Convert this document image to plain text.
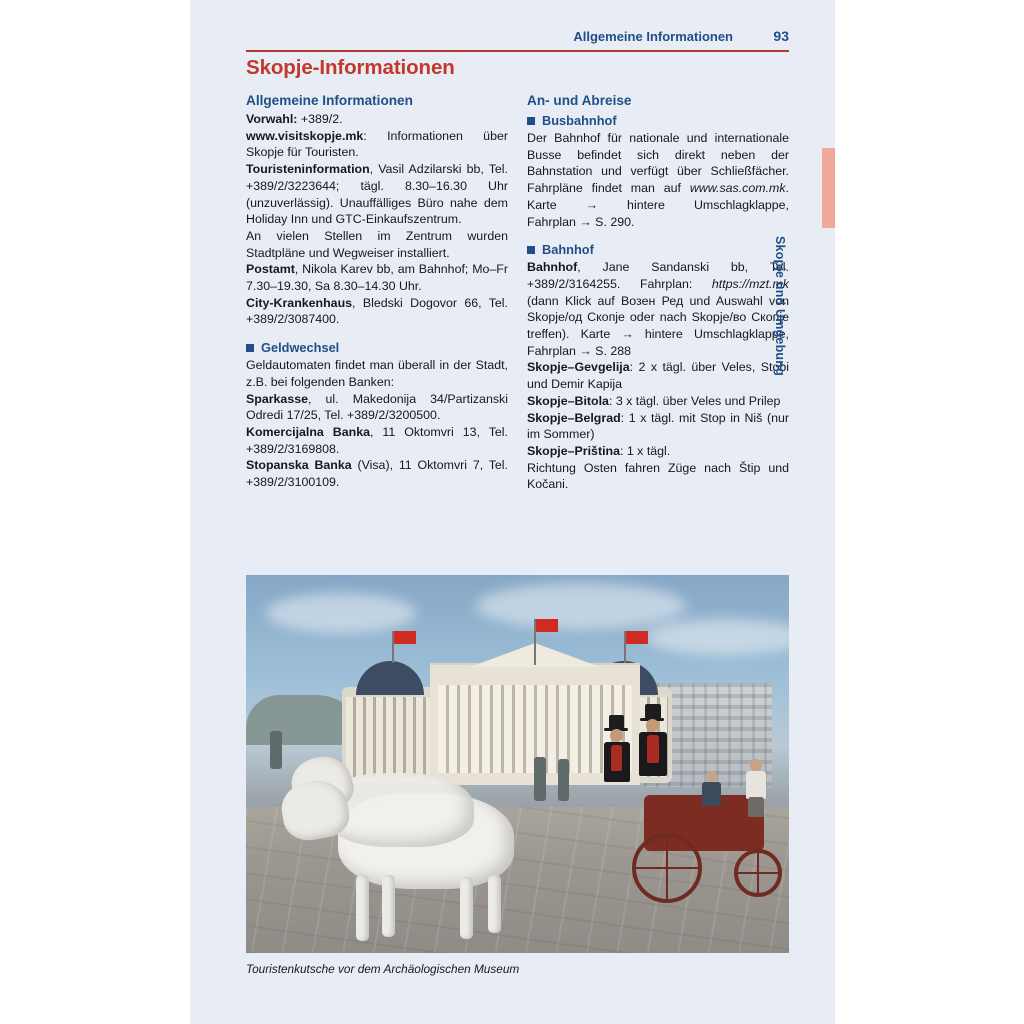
Allgemeine Informationen	93
Skopje-Informationen
Allgemeine Informationen

Vorwahl: +389/2.

www.visitskopje.mk: Informationen über Skopje für Touristen.

Touristeninformation, Vasil Adzilarski bb, Tel. +389/2/3223644; tägl. 8.30–16.30 Uhr (unzuverlässig). Unauffälliges Büro nahe dem Holiday Inn und GTC-Einkaufszentrum.

An vielen Stellen im Zentrum wurden Stadtpläne und Wegweiser installiert.

Postamt, Nikola Karev bb, am Bahnhof; Mo–Fr 7.30–19.30, Sa 8.30–14.30 Uhr.

City-Krankenhaus, Bledski Dogovor 66, Tel. +389/2/3087400.

Geldwechsel

Geldautomaten findet man überall in der Stadt, z.B. bei folgenden Banken:

Sparkasse, ul. Makedonija 34/Partizanski Odredi 17/25, Tel. +389/2/3200500.

Komercijalna Banka, 11 Oktomvri 13, Tel. +389/2/3169808.

Stopanska Banka (Visa), 11 Oktomvri 7, Tel. +389/2/3100109.

An- und Abreise
Busbahnhof

Der Bahnhof für nationale und internationale Busse befindet sich direkt neben der Bahnstation und verfügt über Schließfächer. Fahrpläne findet man auf www.sas.com.mk. Karte → hintere Umschlagklappe, Fahrplan → S. 290.

Bahnhof

Bahnhof, Jane Sandanski bb, Tel. +389/2/3164255. Fahrplan: https://mzt.mk (dann Klick auf Возен Ред und Auswahl von Skopje/од Скопје oder nach Skopje/во Скопје treffen). Karte → hintere Umschlagklappe, Fahrplan → S. 288

Skopje–Gevgelija: 2 x tägl. über Veles, Stobi und Demir Kapija

Skopje–Bitola: 3 x tägl. über Veles und Prilep

Skopje–Belgrad: 1 x tägl. mit Stop in Niš (nur im Sommer)

Skopje–Priština: 1 x tägl.

Richtung Osten fahren Züge nach Štip und Kočani.

Touristenkutsche vor dem Archäologischen Museum
Skopje und Umgebung
